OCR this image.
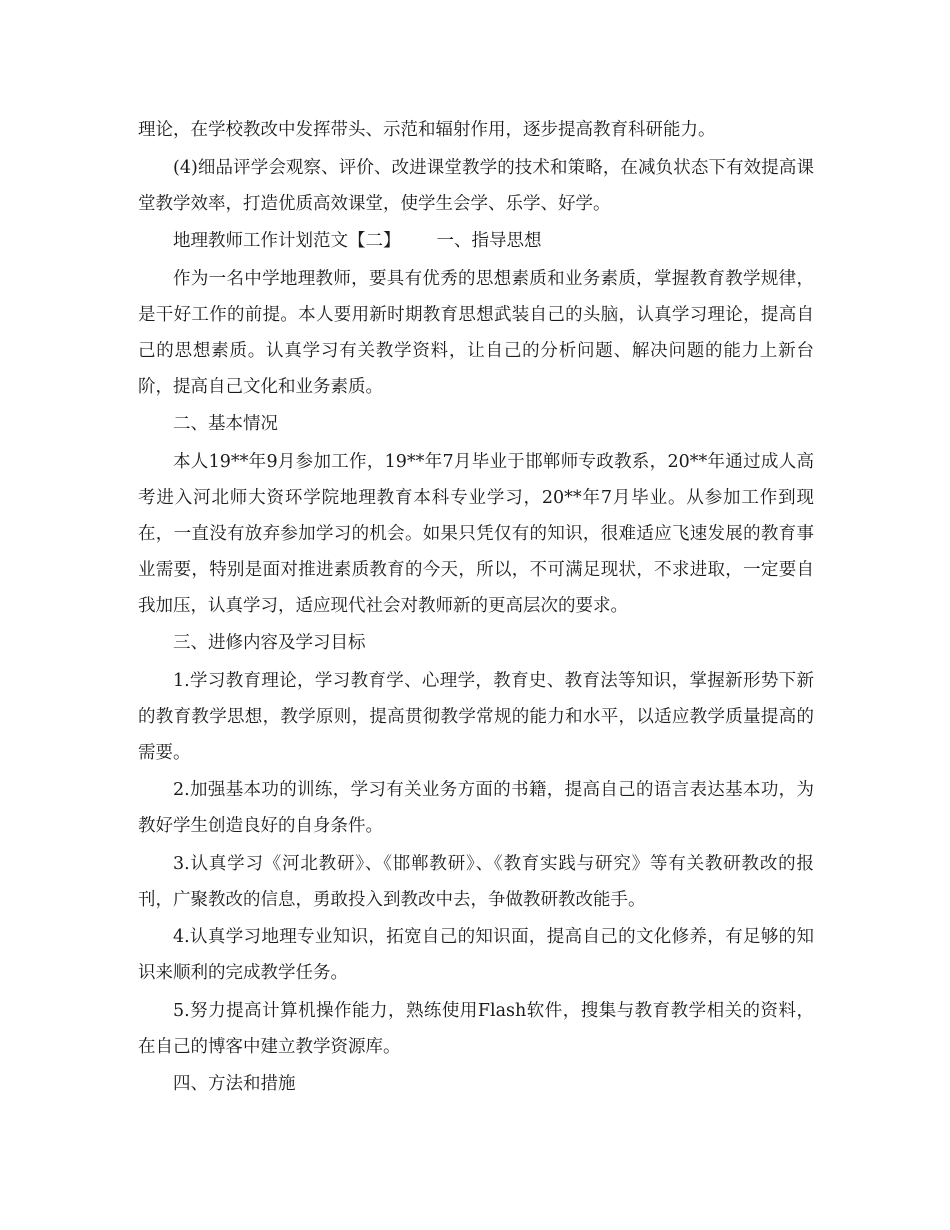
理论，在学校教改中发挥带头、示范和辐射作用，逐步提高教育科研能力。

(4)细品评学会观察、评价、改进课堂教学的技术和策略，在减负状态下有效提高课堂教学效率，打造优质高效课堂，使学生会学、乐学、好学。

地理教师工作计划范文【二】 一、指导思想

作为一名中学地理教师，要具有优秀的思想素质和业务素质，掌握教育教学规律，是干好工作的前提。本人要用新时期教育思想武装自己的头脑，认真学习理论，提高自己的思想素质。认真学习有关教学资料，让自己的分析问题、解决问题的能力上新台阶，提高自己文化和业务素质。

二、基本情况

本人19**年9月参加工作，19**年7月毕业于邯郸师专政教系，20**年通过成人高考进入河北师大资环学院地理教育本科专业学习，20**年7月毕业。从参加工作到现在，一直没有放弃参加学习的机会。如果只凭仅有的知识，很难适应飞速发展的教育事业需要，特别是面对推进素质教育的今天，所以，不可满足现状，不求进取，一定要自我加压，认真学习，适应现代社会对教师新的更高层次的要求。

三、进修内容及学习目标

1.学习教育理论，学习教育学、心理学，教育史、教育法等知识，掌握新形势下新的教育教学思想，教学原则，提高贯彻教学常规的能力和水平，以适应教学质量提高的需要。

2.加强基本功的训练，学习有关业务方面的书籍，提高自己的语言表达基本功，为教好学生创造良好的自身条件。

3.认真学习《河北教研》、《邯郸教研》、《教育实践与研究》等有关教研教改的报刊，广聚教改的信息，勇敢投入到教改中去，争做教研教改能手。

4.认真学习地理专业知识，拓宽自己的知识面，提高自己的文化修养，有足够的知识来顺利的完成教学任务。

5.努力提高计算机操作能力，熟练使用Flash软件，搜集与教育教学相关的资料，在自己的博客中建立教学资源库。

四、方法和措施
